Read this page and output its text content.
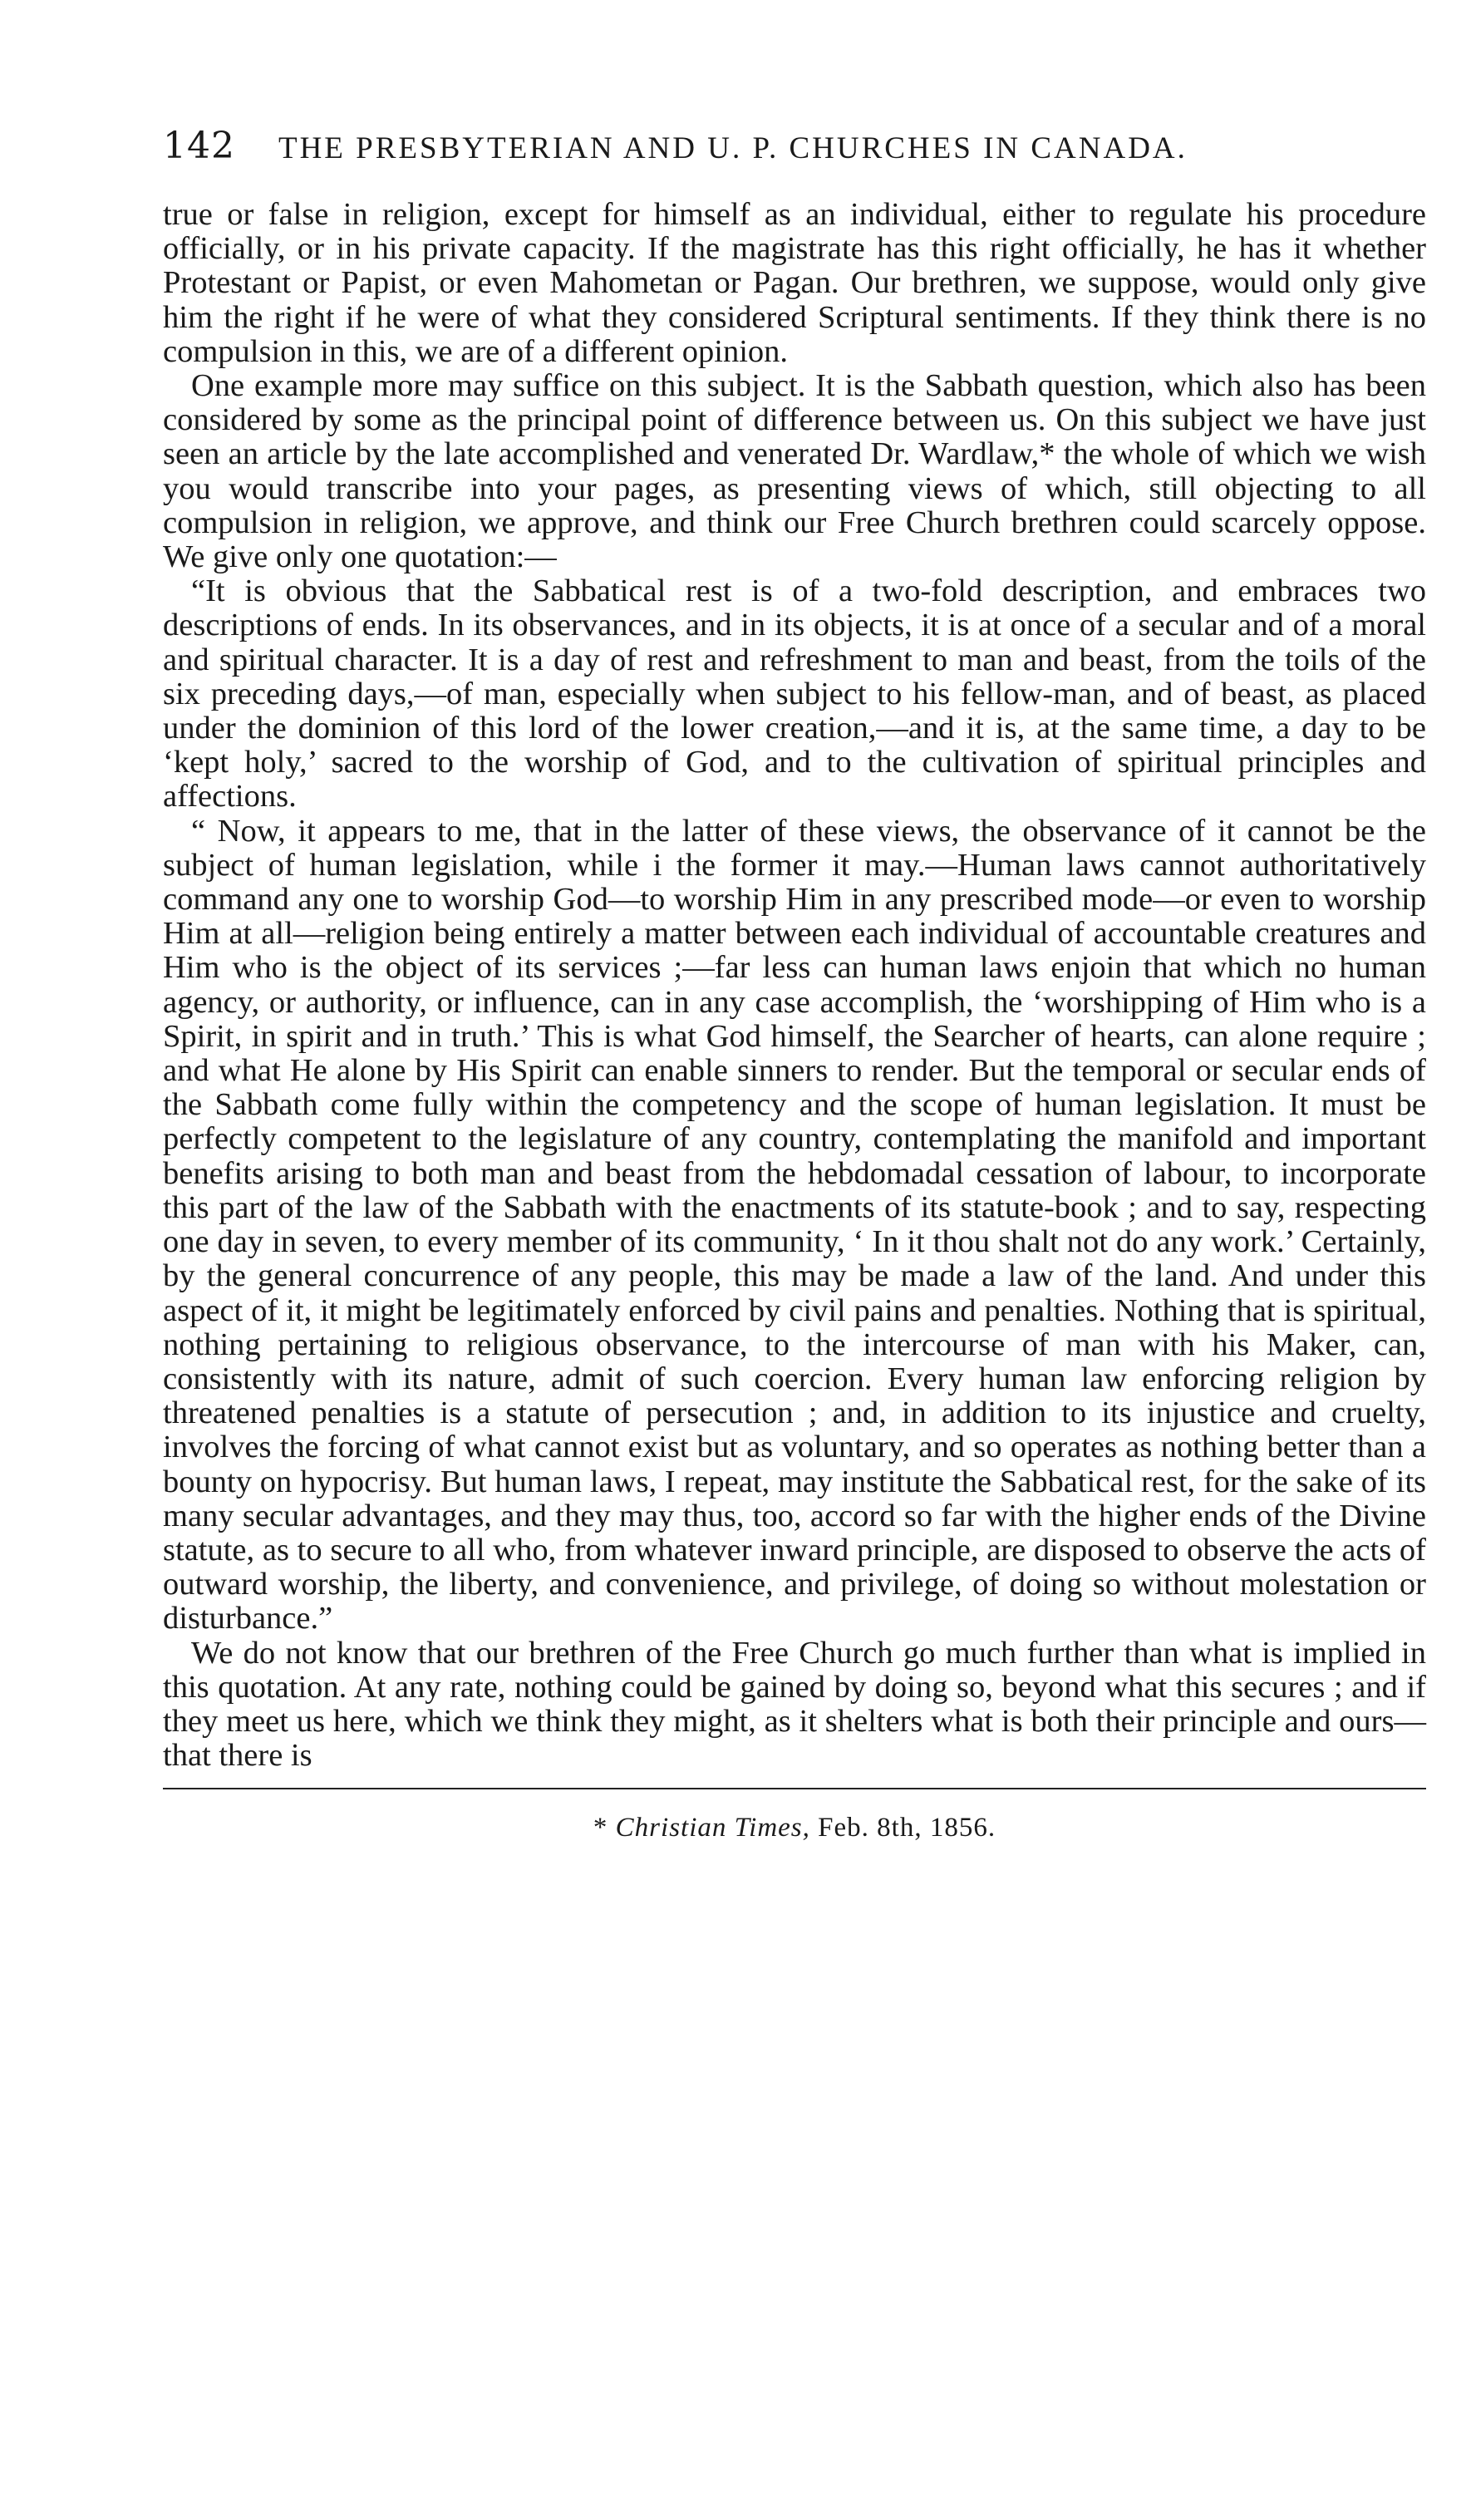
142 THE PRESBYTERIAN AND U. P. CHURCHES IN CANADA.

true or false in religion, except for himself as an individual, either to regulate his procedure officially, or in his private capacity. If the magistrate has this right officially, he has it whether Protestant or Papist, or even Mahometan or Pagan. Our brethren, we suppose, would only give him the right if he were of what they considered Scriptural sentiments. If they think there is no compulsion in this, we are of a different opinion.

One example more may suffice on this subject. It is the Sabbath question, which also has been considered by some as the principal point of difference between us. On this subject we have just seen an article by the late accomplished and venerated Dr. Wardlaw,* the whole of which we wish you would transcribe into your pages, as presenting views of which, still objecting to all compulsion in religion, we approve, and think our Free Church brethren could scarcely oppose. We give only one quotation:—

“It is obvious that the Sabbatical rest is of a two-fold description, and embraces two descriptions of ends. In its observances, and in its objects, it is at once of a secular and of a moral and spiritual character. It is a day of rest and refreshment to man and beast, from the toils of the six preceding days,—of man, especially when subject to his fellow-man, and of beast, as placed under the dominion of this lord of the lower creation,—and it is, at the same time, a day to be ‘kept holy,’ sacred to the worship of God, and to the cultivation of spiritual principles and affections.

“ Now, it appears to me, that in the latter of these views, the observance of it cannot be the subject of human legislation, while i the former it may.—Human laws cannot authoritatively command any one to worship God—to worship Him in any prescribed mode—or even to worship Him at all—religion being entirely a matter between each individual of accountable creatures and Him who is the object of its services ;—far less can human laws enjoin that which no human agency, or authority, or influence, can in any case accomplish, the ‘worshipping of Him who is a Spirit, in spirit and in truth.’ This is what God himself, the Searcher of hearts, can alone require ; and what He alone by His Spirit can enable sinners to render. But the temporal or secular ends of the Sabbath come fully within the competency and the scope of human legislation. It must be perfectly competent to the legislature of any country, contemplating the manifold and important benefits arising to both man and beast from the hebdomadal cessation of labour, to incorporate this part of the law of the Sabbath with the enactments of its statute-book ; and to say, respecting one day in seven, to every member of its community, ‘ In it thou shalt not do any work.’ Certainly, by the general concurrence of any people, this may be made a law of the land. And under this aspect of it, it might be legitimately enforced by civil pains and penalties. Nothing that is spiritual, nothing pertaining to religious observance, to the intercourse of man with his Maker, can, consistently with its nature, admit of such coercion. Every human law enforcing religion by threatened penalties is a statute of persecution ; and, in addition to its injustice and cruelty, involves the forcing of what cannot exist but as voluntary, and so operates as nothing better than a bounty on hypocrisy. But human laws, I repeat, may institute the Sabbatical rest, for the sake of its many secular advantages, and they may thus, too, accord so far with the higher ends of the Divine statute, as to secure to all who, from whatever inward principle, are disposed to observe the acts of outward worship, the liberty, and convenience, and privilege, of doing so without molestation or disturbance.”

We do not know that our brethren of the Free Church go much further than what is implied in this quotation. At any rate, nothing could be gained by doing so, beyond what this secures ; and if they meet us here, which we think they might, as it shelters what is both their principle and ours—that there is

* Christian Times, Feb. 8th, 1856.
